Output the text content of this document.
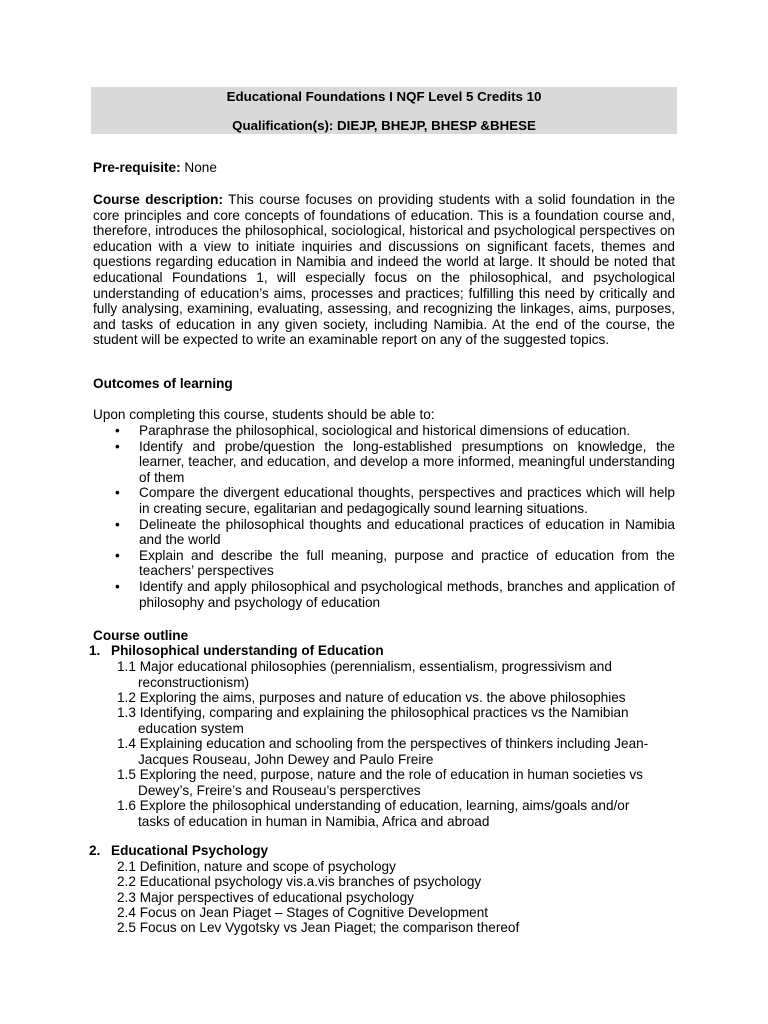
Educational Foundations I NQF Level 5 Credits 10
Qualification(s): DIEJP, BHEJP, BHESP &BHESE
Pre-requisite: None
Course description: This course focuses on providing students with a solid foundation in the core principles and core concepts of foundations of education. This is a foundation course and, therefore, introduces the philosophical, sociological, historical and psychological perspectives on education with a view to initiate inquiries and discussions on significant facets, themes and questions regarding education in Namibia and indeed the world at large. It should be noted that educational Foundations 1, will especially focus on the philosophical, and psychological understanding of education’s aims, processes and practices; fulfilling this need by critically and fully analysing, examining, evaluating, assessing, and recognizing the linkages, aims, purposes, and tasks of education in any given society, including Namibia. At the end of the course, the student will be expected to write an examinable report on any of the suggested topics.
Outcomes of learning
Upon completing this course, students should be able to:
• Paraphrase the philosophical, sociological and historical dimensions of education.
• Identify and probe/question the long-established presumptions on knowledge, the learner, teacher, and education, and develop a more informed, meaningful understanding of them
• Compare the divergent educational thoughts, perspectives and practices which will help in creating secure, egalitarian and pedagogically sound learning situations.
• Delineate the philosophical thoughts and educational practices of education in Namibia and the world
• Explain and describe the full meaning, purpose and practice of education from the teachers’ perspectives
• Identify and apply philosophical and psychological methods, branches and application of philosophy and psychology of education
Course outline
1. Philosophical understanding of Education
1.1 Major educational philosophies (perennialism, essentialism, progressivism and
reconstructionism)
1.2 Exploring the aims, purposes and nature of education vs. the above philosophies
1.3 Identifying, comparing and explaining the philosophical practices vs the Namibian
education system
1.4 Explaining education and schooling from the perspectives of thinkers including Jean-
Jacques Rouseau, John Dewey and Paulo Freire
1.5 Exploring the need, purpose, nature and the role of education in human societies vs
Dewey’s, Freire’s and Rouseau’s persperctives
1.6 Explore the philosophical understanding of education, learning, aims/goals and/or
tasks of education in human in Namibia, Africa and abroad
2. Educational Psychology
2.1 Definition, nature and scope of psychology
2.2 Educational psychology vis.a.vis branches of psychology
2.3 Major perspectives of educational psychology
2.4 Focus on Jean Piaget – Stages of Cognitive Development
2.5 Focus on Lev Vygotsky vs Jean Piaget; the comparison thereof
